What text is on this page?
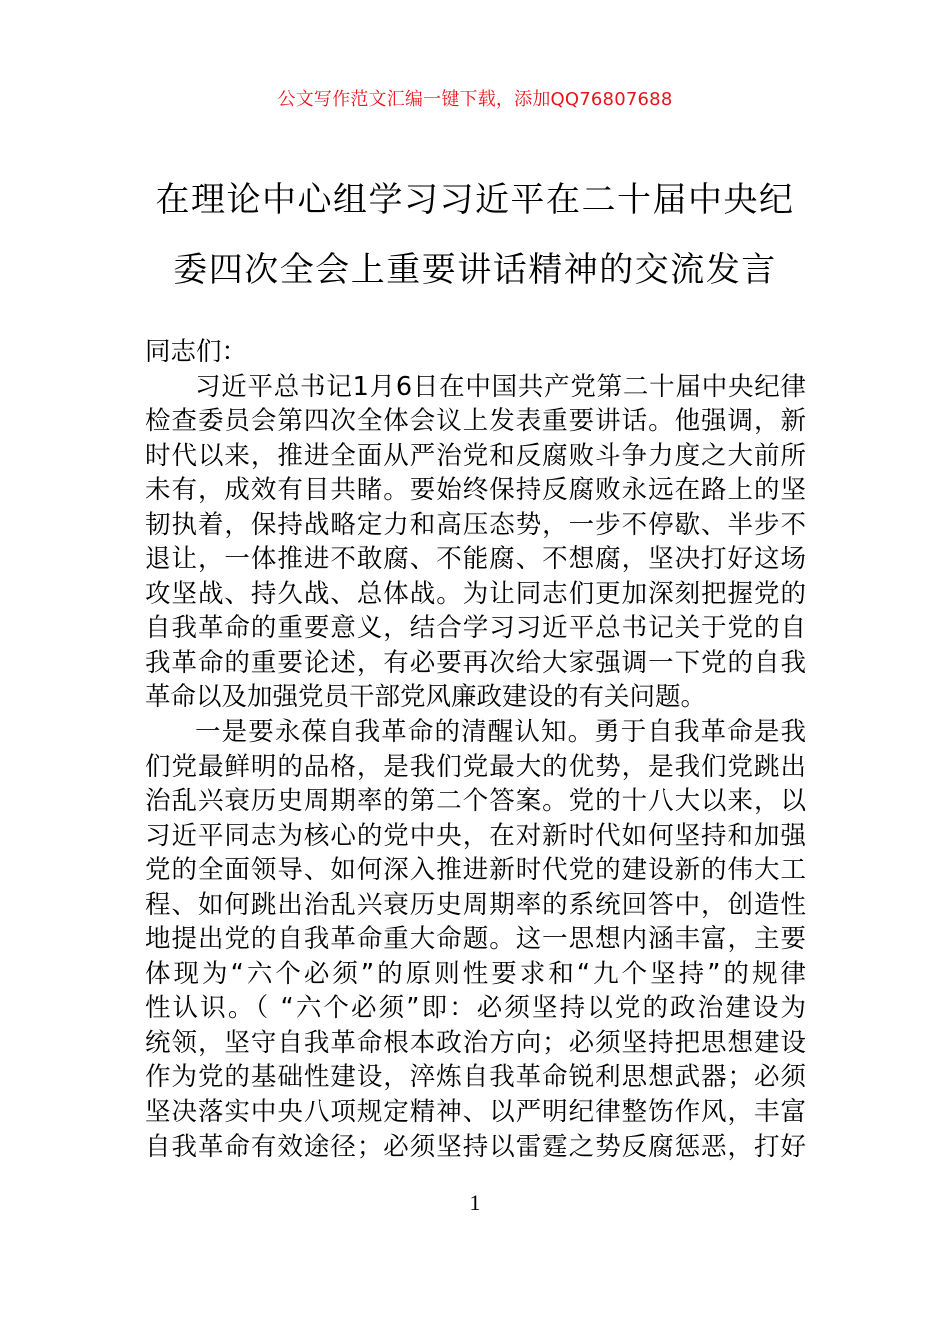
公文写作范文汇编一键下载，添加QQ76807688
在理论中心组学习习近平在二十届中央纪
委四次全会上重要讲话精神的交流发言
同志们：
习近平总书记1月6日在中国共产党第二十届中央纪律
检查委员会第四次全体会议上发表重要讲话。他强调，新
时代以来，推进全面从严治党和反腐败斗争力度之大前所
未有，成效有目共睹。要始终保持反腐败永远在路上的坚
韧执着，保持战略定力和高压态势，一步不停歇、半步不
退让，一体推进不敢腐、不能腐、不想腐，坚决打好这场
攻坚战、持久战、总体战。为让同志们更加深刻把握党的
自我革命的重要意义，结合学习习近平总书记关于党的自
我革命的重要论述，有必要再次给大家强调一下党的自我
革命以及加强党员干部党风廉政建设的有关问题。
一是要永葆自我革命的清醒认知。勇于自我革命是我
们党最鲜明的品格，是我们党最大的优势，是我们党跳出
治乱兴衰历史周期率的第二个答案。党的十八大以来，以
习近平同志为核心的党中央，在对新时代如何坚持和加强
党的全面领导、如何深入推进新时代党的建设新的伟大工
程、如何跳出治乱兴衰历史周期率的系统回答中，创造性
地提出党的自我革命重大命题。这一思想内涵丰富，主要
体现为“六个必须”的原则性要求和“九个坚持”的规律
性认识。（ “六个必须”即：必须坚持以党的政治建设为
统领，坚守自我革命根本政治方向；必须坚持把思想建设
作为党的基础性建设，淬炼自我革命锐利思想武器；必须
坚决落实中央八项规定精神、以严明纪律整饬作风，丰富
自我革命有效途径；必须坚持以雷霆之势反腐惩恶，打好
1
